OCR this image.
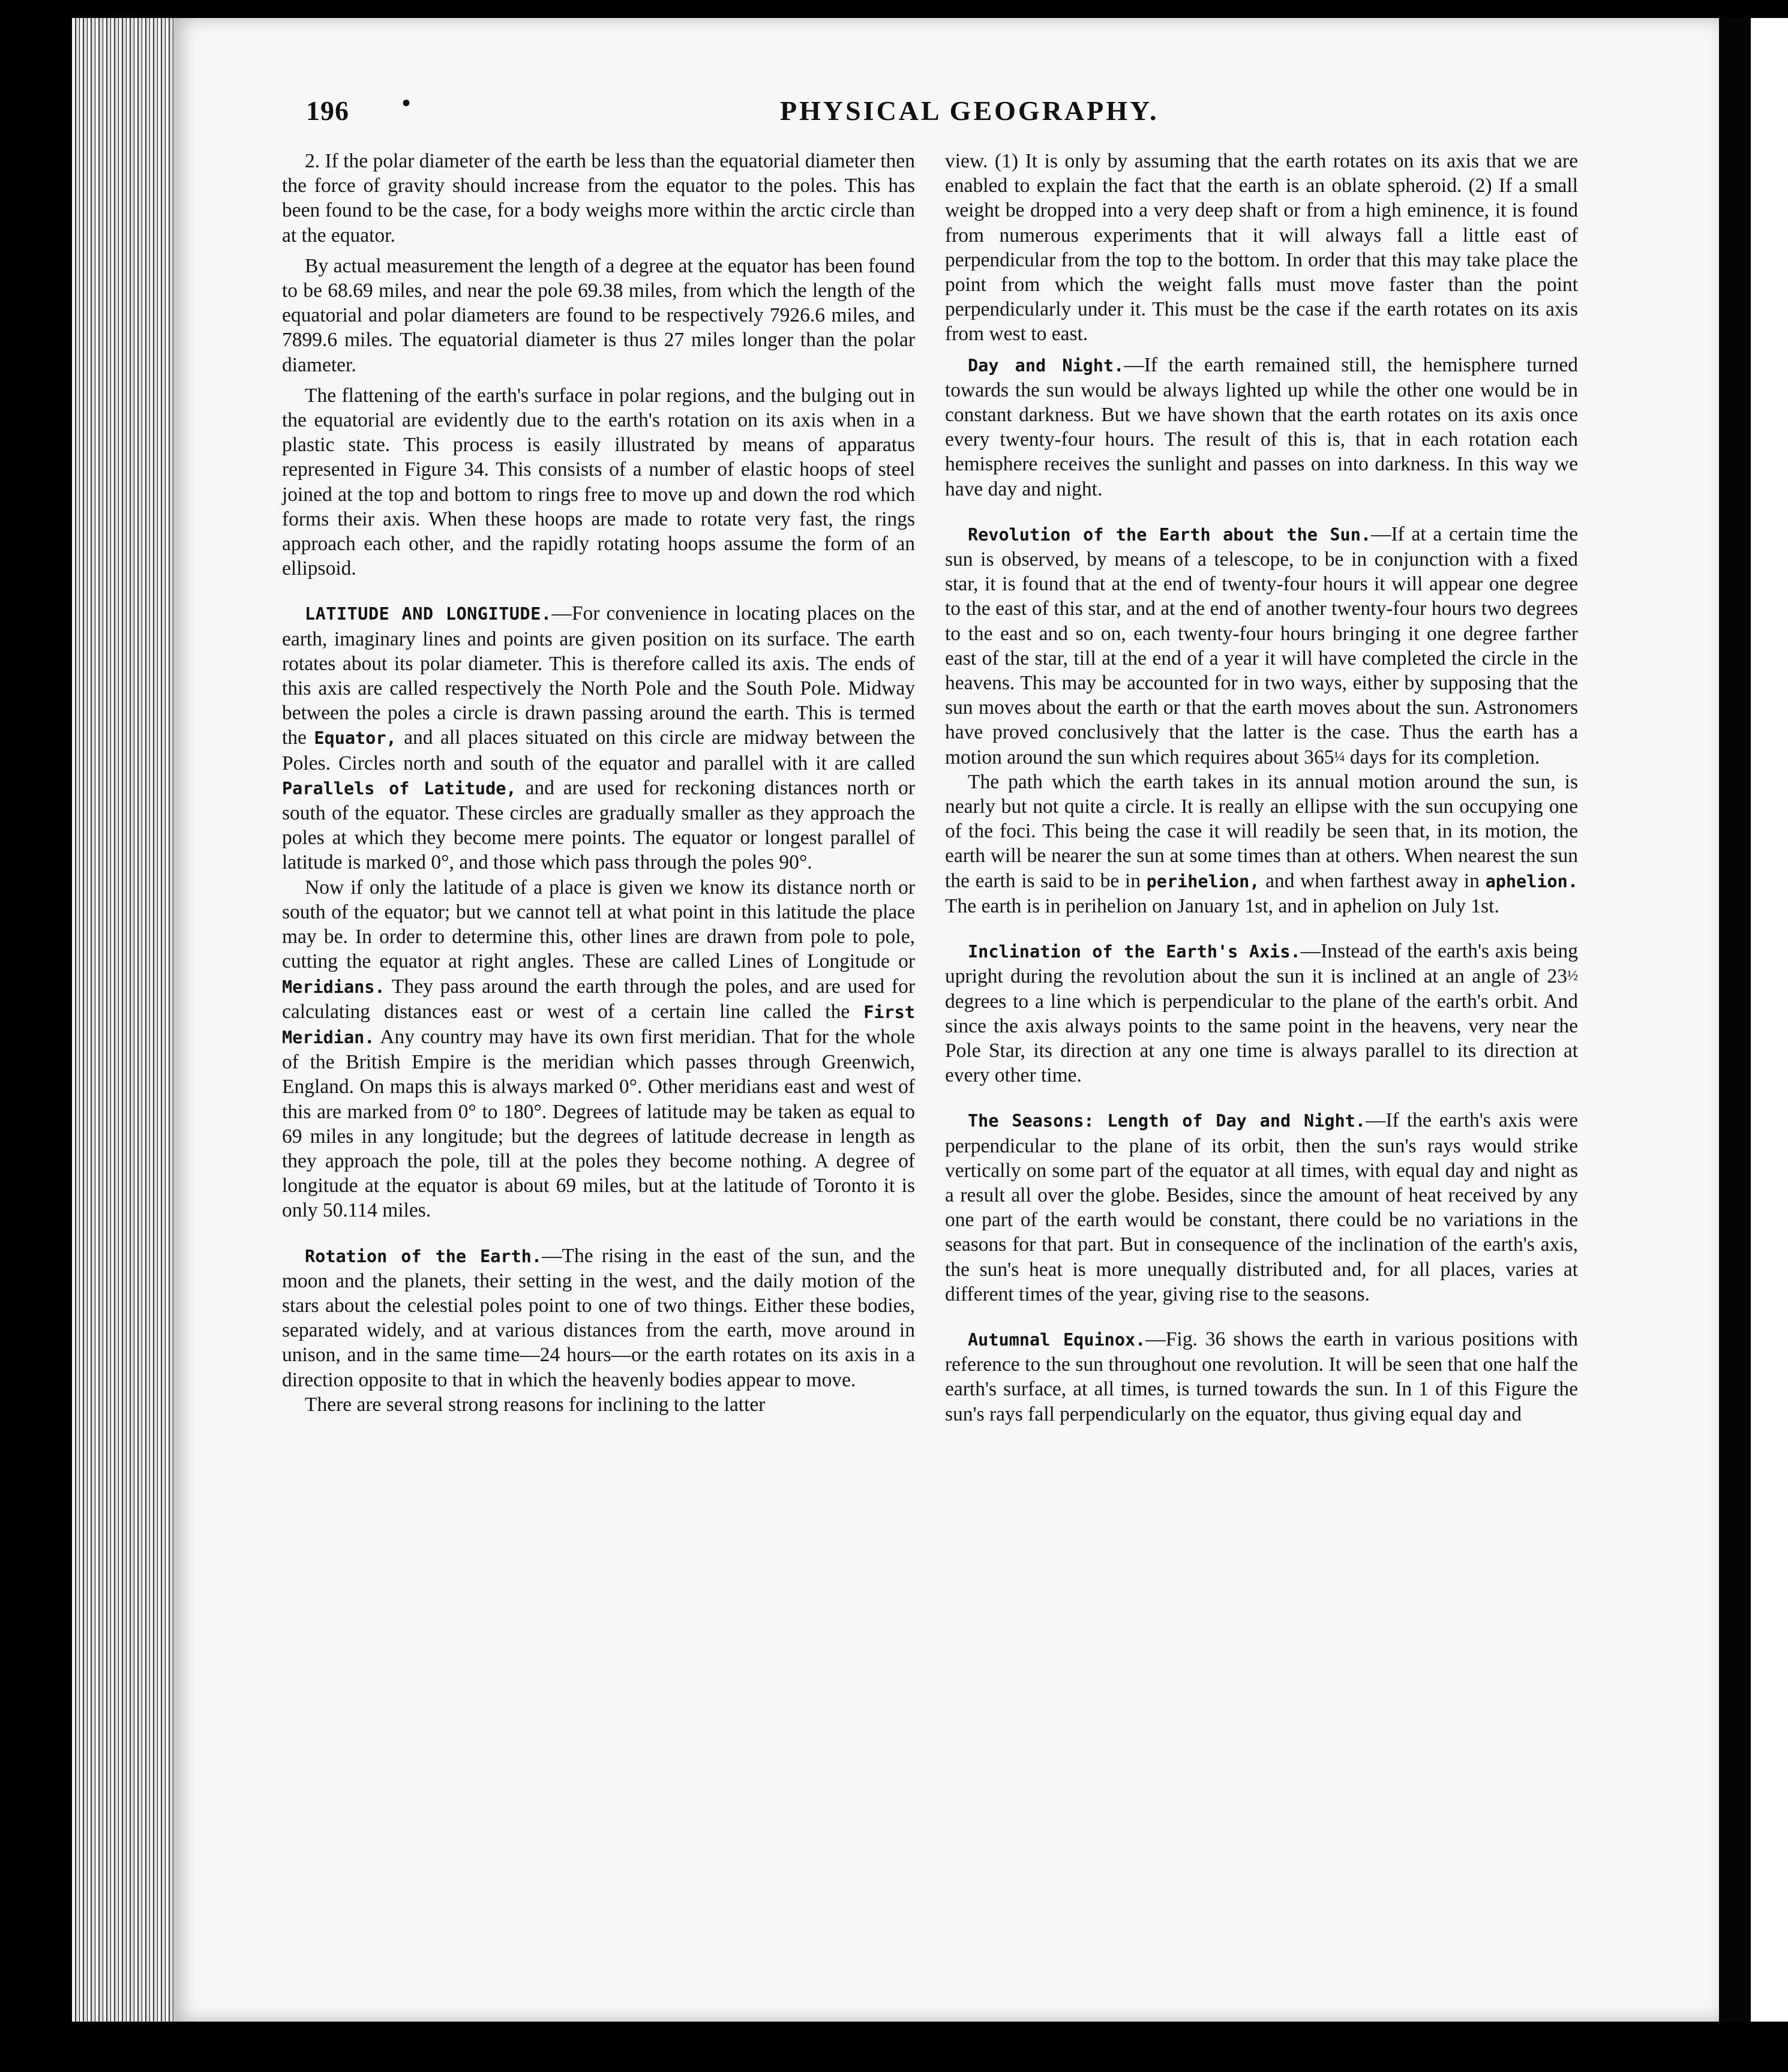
196 •	PHYSICAL GEOGRAPHY.

2. If the polar diameter of the earth be less than the equatorial diameter then the force of gravity should increase from the equator to the poles. This has been found to be the case, for a body weighs more within the arctic circle than at the equator.

By actual measurement the length of a degree at the equator has been found to be 68.69 miles, and near the pole 69.38 miles, from which the length of the equatorial and polar diameters are found to be respectively 7926.6 miles, and 7899.6 miles. The equatorial diameter is thus 27 miles longer than the polar diameter.

The flattening of the earth's surface in polar regions, and the bulging out in the equatorial are evidently due to the earth's rotation on its axis when in a plastic state. This process is easily illustrated by means of apparatus represented in Figure 34. This consists of a number of elastic hoops of steel joined at the top and bottom to rings free to move up and down the rod which forms their axis. When these hoops are made to rotate very fast, the rings approach each other, and the rapidly rotating hoops assume the form of an ellipsoid.

LATITUDE AND LONGITUDE.—For convenience in locating places on the earth, imaginary lines and points are given position on its surface. The earth rotates about its polar diameter. This is therefore called its axis. The ends of this axis are called respectively the North Pole and the South Pole. Midway between the poles a circle is drawn passing around the earth. This is termed the Equator, and all places situated on this circle are midway between the Poles. Circles north and south of the equator and parallel with it are called Parallels of Latitude, and are used for reckoning distances north or south of the equator. These circles are gradually smaller as they approach the poles at which they become mere points. The equator or longest parallel of latitude is marked 0°, and those which pass through the poles 90°.

Now if only the latitude of a place is given we know its distance north or south of the equator; but we cannot tell at what point in this latitude the place may be. In order to determine this, other lines are drawn from pole to pole, cutting the equator at right angles. These are called Lines of Longitude or Meridians. They pass around the earth through the poles, and are used for calculating distances east or west of a certain line called the First Meridian. Any country may have its own first meridian. That for the whole of the British Empire is the meridian which passes through Greenwich, England. On maps this is always marked 0°. Other meridians east and west of this are marked from 0° to 180°. Degrees of latitude may be taken as equal to 69 miles in any longitude; but the degrees of latitude decrease in length as they approach the pole, till at the poles they become nothing. A degree of longitude at the equator is about 69 miles, but at the latitude of Toronto it is only 50.114 miles.

Rotation of the Earth.—The rising in the east of the sun, and the moon and the planets, their setting in the west, and the daily motion of the stars about the celestial poles point to one of two things. Either these bodies, separated widely, and at various distances from the earth, move around in unison, and in the same time—24 hours—or the earth rotates on its axis in a direction opposite to that in which the heavenly bodies appear to move.

There are several strong reasons for inclining to the latter

view. (1) It is only by assuming that the earth rotates on its axis that we are enabled to explain the fact that the earth is an oblate spheroid. (2) If a small weight be dropped into a very deep shaft or from a high eminence, it is found from numerous experiments that it will always fall a little east of perpendicular from the top to the bottom. In order that this may take place the point from which the weight falls must move faster than the point perpendicularly under it. This must be the case if the earth rotates on its axis from west to east.

Day and Night.—If the earth remained still, the hemisphere turned towards the sun would be always lighted up while the other one would be in constant darkness. But we have shown that the earth rotates on its axis once every twenty-four hours. The result of this is, that in each rotation each hemisphere receives the sunlight and passes on into darkness. In this way we have day and night.

Revolution of the Earth about the Sun.—If at a certain time the sun is observed, by means of a telescope, to be in conjunction with a fixed star, it is found that at the end of twenty-four hours it will appear one degree to the east of this star, and at the end of another twenty-four hours two degrees to the east and so on, each twenty-four hours bringing it one degree farther east of the star, till at the end of a year it will have completed the circle in the heavens. This may be accounted for in two ways, either by supposing that the sun moves about the earth or that the earth moves about the sun. Astronomers have proved conclusively that the latter is the case. Thus the earth has a motion around the sun which requires about 365¼ days for its completion.

The path which the earth takes in its annual motion around the sun, is nearly but not quite a circle. It is really an ellipse with the sun occupying one of the foci. This being the case it will readily be seen that, in its motion, the earth will be nearer the sun at some times than at others. When nearest the sun the earth is said to be in perihelion, and when farthest away in aphelion. The earth is in perihelion on January 1st, and in aphelion on July 1st.

Inclination of the Earth's Axis.—Instead of the earth's axis being upright during the revolution about the sun it is inclined at an angle of 23½ degrees to a line which is perpendicular to the plane of the earth's orbit. And since the axis always points to the same point in the heavens, very near the Pole Star, its direction at any one time is always parallel to its direction at every other time.

The Seasons: Length of Day and Night.—If the earth's axis were perpendicular to the plane of its orbit, then the sun's rays would strike vertically on some part of the equator at all times, with equal day and night as a result all over the globe. Besides, since the amount of heat received by any one part of the earth would be constant, there could be no variations in the seasons for that part. But in consequence of the inclination of the earth's axis, the sun's heat is more unequally distributed and, for all places, varies at different times of the year, giving rise to the seasons.

Autumnal Equinox.—Fig. 36 shows the earth in various positions with reference to the sun throughout one revolution. It will be seen that one half the earth's surface, at all times, is turned towards the sun. In 1 of this Figure the sun's rays fall perpendicularly on the equator, thus giving equal day and
